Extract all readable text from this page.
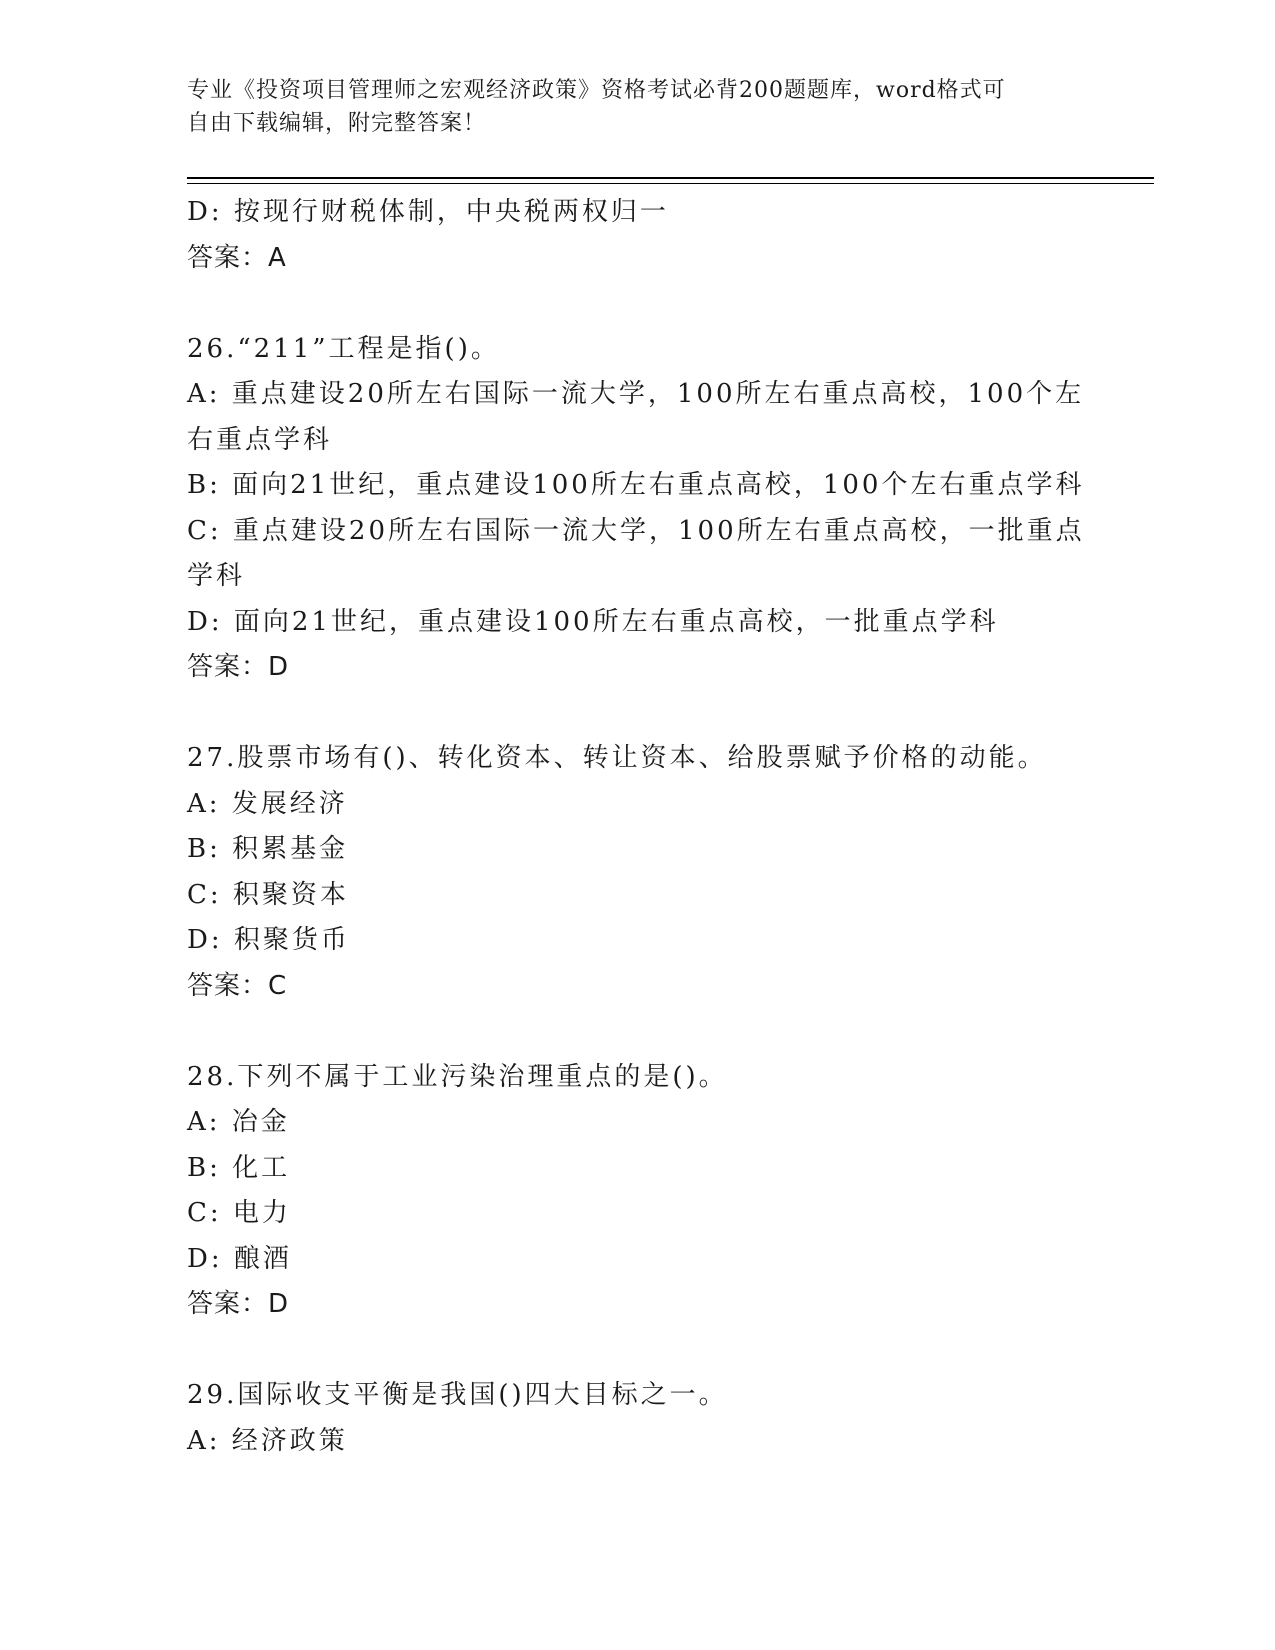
专业《投资项目管理师之宏观经济政策》资格考试必背200题题库，word格式可
自由下载编辑，附完整答案！
D: 按现行财税体制，中央税两权归一
答案：A
26.“211”工程是指()。
A: 重点建设20所左右国际一流大学，100所左右重点高校，100个左
右重点学科
B: 面向21世纪，重点建设100所左右重点高校，100个左右重点学科
C: 重点建设20所左右国际一流大学，100所左右重点高校，一批重点
学科
D: 面向21世纪，重点建设100所左右重点高校，一批重点学科
答案：D
27.股票市场有()、转化资本、转让资本、给股票赋予价格的动能。
A: 发展经济
B: 积累基金
C: 积聚资本
D: 积聚货币
答案：C
28.下列不属于工业污染治理重点的是()。
A: 冶金
B: 化工
C: 电力
D: 酿酒
答案：D
29.国际收支平衡是我国()四大目标之一。
A: 经济政策
